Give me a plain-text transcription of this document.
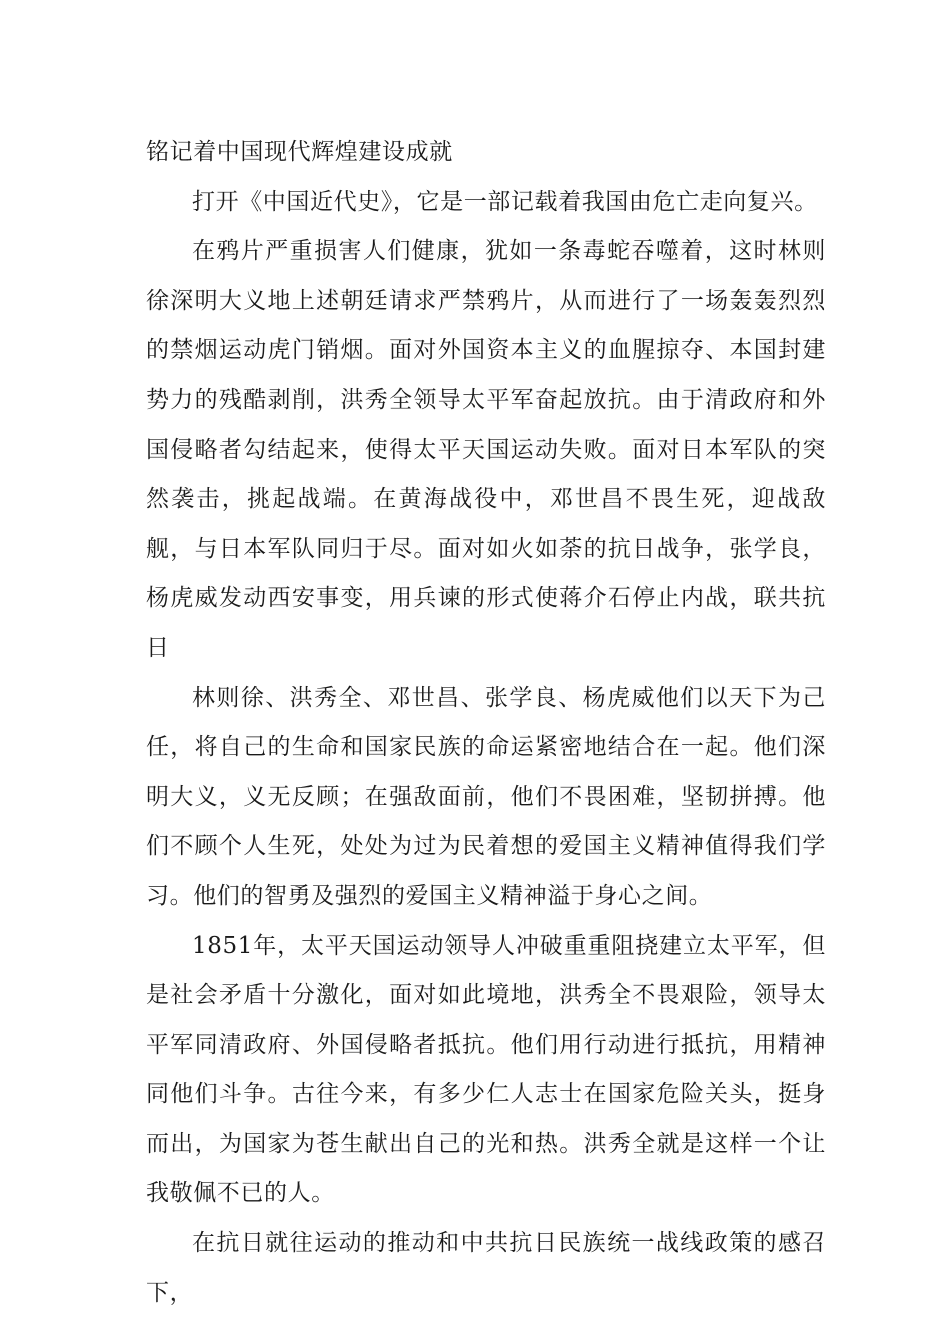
铭记着中国现代辉煌建设成就

打开《中国近代史》，它是一部记载着我国由危亡走向复兴。

在鸦片严重损害人们健康，犹如一条毒蛇吞噬着，这时林则徐深明大义地上述朝廷请求严禁鸦片，从而进行了一场轰轰烈烈的禁烟运动虎门销烟。面对外国资本主义的血腥掠夺、本国封建势力的残酷剥削，洪秀全领导太平军奋起放抗。由于清政府和外国侵略者勾结起来，使得太平天国运动失败。面对日本军队的突然袭击，挑起战端。在黄海战役中，邓世昌不畏生死，迎战敌舰，与日本军队同归于尽。面对如火如荼的抗日战争，张学良，杨虎威发动西安事变，用兵谏的形式使蒋介石停止内战，联共抗日

林则徐、洪秀全、邓世昌、张学良、杨虎威他们以天下为己任，将自己的生命和国家民族的命运紧密地结合在一起。他们深明大义，义无反顾；在强敌面前，他们不畏困难，坚韧拼搏。他们不顾个人生死，处处为过为民着想的爱国主义精神值得我们学习。他们的智勇及强烈的爱国主义精神溢于身心之间。

1851年，太平天国运动领导人冲破重重阻挠建立太平军，但是社会矛盾十分激化，面对如此境地，洪秀全不畏艰险，领导太平军同清政府、外国侵略者抵抗。他们用行动进行抵抗，用精神同他们斗争。古往今来，有多少仁人志士在国家危险关头，挺身而出，为国家为苍生献出自己的光和热。洪秀全就是这样一个让我敬佩不已的人。

在抗日就往运动的推动和中共抗日民族统一战线政策的感召下，
